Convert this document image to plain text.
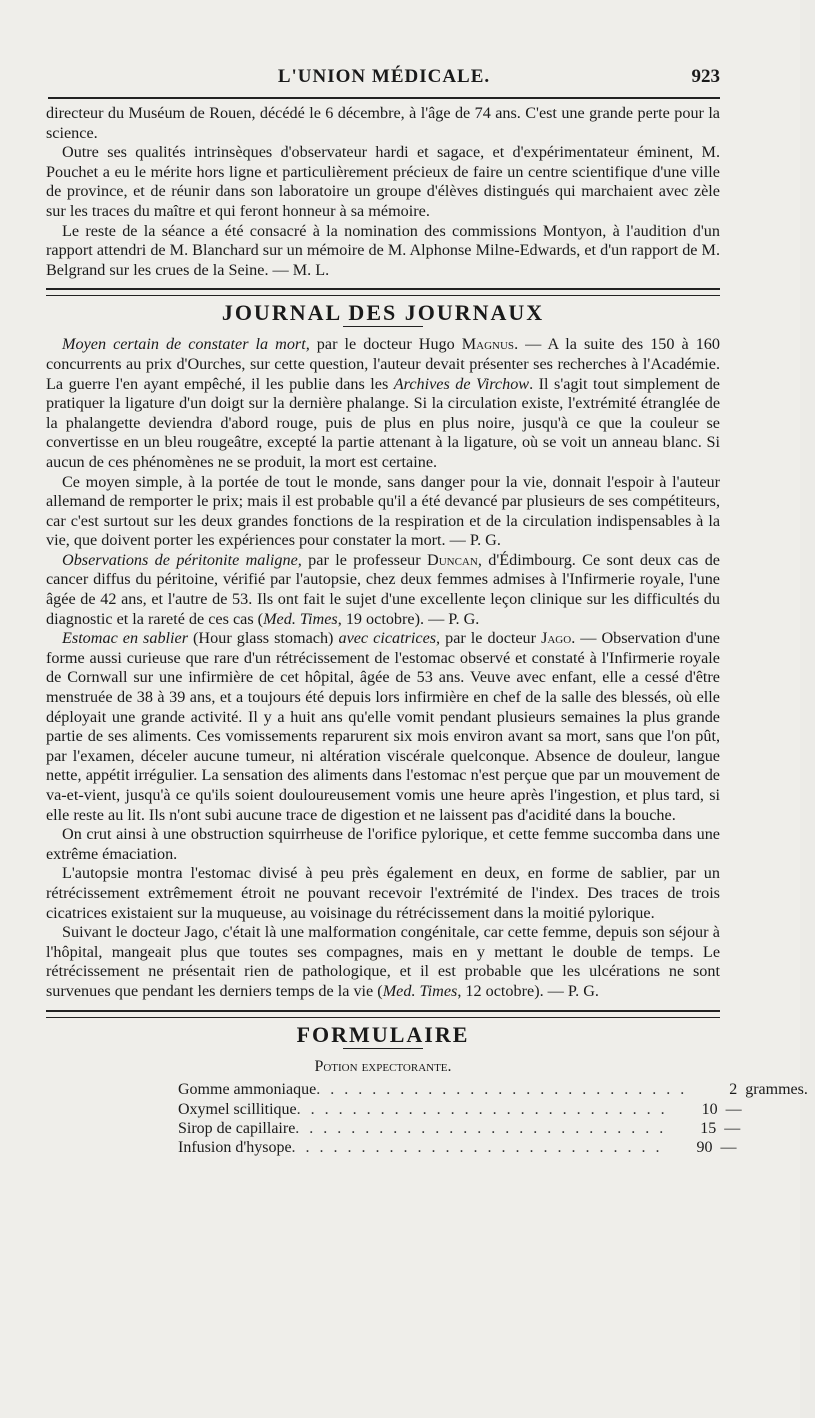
L'UNION MÉDICALE.	923

directeur du Muséum de Rouen, décédé le 6 décembre, à l'âge de 74 ans. C'est une grande perte pour la science.

Outre ses qualités intrinsèques d'observateur hardi et sagace, et d'expérimentateur éminent, M. Pouchet a eu le mérite hors ligne et particulièrement précieux de faire un centre scientifique d'une ville de province, et de réunir dans son laboratoire un groupe d'élèves distingués qui marchaient avec zèle sur les traces du maître et qui feront honneur à sa mémoire.

Le reste de la séance a été consacré à la nomination des commissions Montyon, à l'audition d'un rapport attendri de M. Blanchard sur un mémoire de M. Alphonse Milne-Edwards, et d'un rapport de M. Belgrand sur les crues de la Seine. — M. L.

JOURNAL DES JOURNAUX

Moyen certain de constater la mort, par le docteur Hugo Magnus. — A la suite des 150 à 160 concurrents au prix d'Ourches, sur cette question, l'auteur devait présenter ses recherches à l'Académie. La guerre l'en ayant empêché, il les publie dans les Archives de Virchow. Il s'agit tout simplement de pratiquer la ligature d'un doigt sur la dernière phalange. Si la circulation existe, l'extrémité étranglée de la phalangette deviendra d'abord rouge, puis de plus en plus noire, jusqu'à ce que la couleur se convertisse en un bleu rougeâtre, excepté la partie attenant à la ligature, où se voit un anneau blanc. Si aucun de ces phénomènes ne se produit, la mort est certaine.

Ce moyen simple, à la portée de tout le monde, sans danger pour la vie, donnait l'espoir à l'auteur allemand de remporter le prix; mais il est probable qu'il a été devancé par plusieurs de ses compétiteurs, car c'est surtout sur les deux grandes fonctions de la respiration et de la circulation indispensables à la vie, que doivent porter les expériences pour constater la mort. — P. G.

Observations de péritonite maligne, par le professeur Duncan, d'Édimbourg. Ce sont deux cas de cancer diffus du péritoine, vérifié par l'autopsie, chez deux femmes admises à l'Infirmerie royale, l'une âgée de 42 ans, et l'autre de 53. Ils ont fait le sujet d'une excellente leçon clinique sur les difficultés du diagnostic et la rareté de ces cas (Med. Times, 19 octobre). — P. G.

Estomac en sablier (Hour glass stomach) avec cicatrices, par le docteur Jago. — Observation d'une forme aussi curieuse que rare d'un rétrécissement de l'estomac observé et constaté à l'Infirmerie royale de Cornwall sur une infirmière de cet hôpital, âgée de 53 ans. Veuve avec enfant, elle a cessé d'être menstruée de 38 à 39 ans, et a toujours été depuis lors infirmière en chef de la salle des blessés, où elle déployait une grande activité. Il y a huit ans qu'elle vomit pendant plusieurs semaines la plus grande partie de ses aliments. Ces vomissements reparurent six mois environ avant sa mort, sans que l'on pût, par l'examen, déceler aucune tumeur, ni altération viscérale quelconque. Absence de douleur, langue nette, appétit irrégulier. La sensation des aliments dans l'estomac n'est perçue que par un mouvement de va-et-vient, jusqu'à ce qu'ils soient douloureusement vomis une heure après l'ingestion, et plus tard, si elle reste au lit. Ils n'ont subi aucune trace de digestion et ne laissent pas d'acidité dans la bouche.

On crut ainsi à une obstruction squirrheuse de l'orifice pylorique, et cette femme succomba dans une extrême émaciation.

L'autopsie montra l'estomac divisé à peu près également en deux, en forme de sablier, par un rétrécissement extrêmement étroit ne pouvant recevoir l'extrémité de l'index. Des traces de trois cicatrices existaient sur la muqueuse, au voisinage du rétrécissement dans la moitié pylorique.

Suivant le docteur Jago, c'était là une malformation congénitale, car cette femme, depuis son séjour à l'hôpital, mangeait plus que toutes ses compagnes, mais en y mettant le double de temps. Le rétrécissement ne présentait rien de pathologique, et il est probable que les ulcérations ne sont survenues que pendant les derniers temps de la vie (Med. Times, 12 octobre). — P. G.

FORMULAIRE
Potion expectorante.
Gomme ammoniaque . . . . . . . . . . . . . . . . . . . . . . . . . . .	2 grammes.
Oxymel scillitique . . . . . . . . . . . . . . . . . . . . . . . . . . .	10 —
Sirop de capillaire . . . . . . . . . . . . . . . . . . . . . . . . . . .	15 —
Infusion d'hysope . . . . . . . . . . . . . . . . . . . . . . . . . . .	90 —
